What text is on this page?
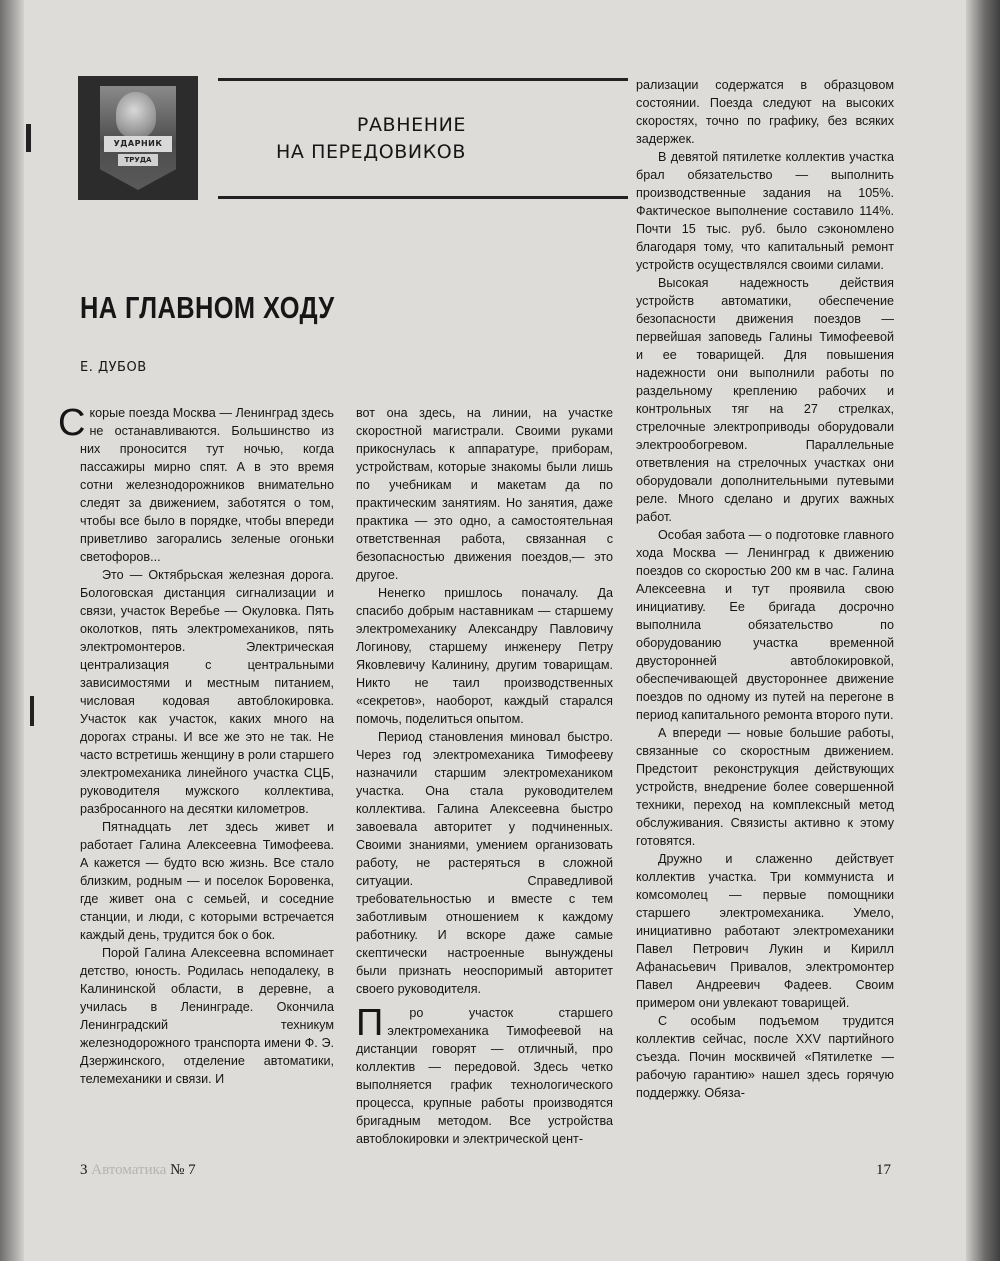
УДАРНИК
ТРУДА
РАВНЕНИЕ
НА ПЕРЕДОВИКОВ
НА ГЛАВНОМ ХОДУ
Е. ДУБОВ

Скорые поезда Москва — Ленинград здесь не останавливаются. Большинство из них проносится тут ночью, когда пассажиры мирно спят. А в это время сотни железнодорожников внимательно следят за движением, заботятся о том, чтобы все было в порядке, чтобы впереди приветливо загорались зеленые огоньки светофоров...

Это — Октябрьская железная дорога. Бологовская дистанция сигнализации и связи, участок Веребье — Окуловка. Пять околотков, пять электромехаников, пять электромонтеров. Электрическая централизация с центральными зависимостями и местным питанием, числовая кодовая автоблокировка. Участок как участок, каких много на дорогах страны. И все же это не так. Не часто встретишь женщину в роли старшего электромеханика линейного участка СЦБ, руководителя мужского коллектива, разбросанного на десятки километров.

Пятнадцать лет здесь живет и работает Галина Алексеевна Тимофеева. А кажется — будто всю жизнь. Все стало близким, родным — и поселок Боровенка, где живет она с семьей, и соседние станции, и люди, с которыми встречается каждый день, трудится бок о бок.

Порой Галина Алексеевна вспоминает детство, юность. Родилась неподалеку, в Калининской области, в деревне, а училась в Ленинграде. Окончила Ленинградский техникум железнодорожного транспорта имени Ф. Э. Дзержинского, отделение автоматики, телемеханики и связи. И

вот она здесь, на линии, на участке скоростной магистрали. Своими руками прикоснулась к аппаратуре, приборам, устройствам, которые знакомы были лишь по учебникам и макетам да по практическим занятиям. Но занятия, даже практика — это одно, а самостоятельная ответственная работа, связанная с безопасностью движения поездов,— это другое.

Ненегко пришлось поначалу. Да спасибо добрым наставникам — старшему электромеханику Александру Павловичу Логинову, старшему инженеру Петру Яковлевичу Калинину, другим товарищам. Никто не таил производственных «секретов», наоборот, каждый старался помочь, поделиться опытом.

Период становления миновал быстро. Через год электромеханика Тимофееву назначили старшим электромехаником участка. Она стала руководителем коллектива. Галина Алексеевна быстро завоевала авторитет у подчиненных. Своими знаниями, умением организовать работу, не растеряться в сложной ситуации. Справедливой требовательностью и вместе с тем заботливым отношением к каждому работнику. И вскоре даже самые скептически настроенные вынуждены были признать неоспоримый авторитет своего руководителя.

П ро участок старшего электромеханика Тимофеевой на дистанции говорят — отличный, про коллектив — передовой. Здесь четко выполняется график технологического процесса, крупные работы производятся бригадным методом. Все устройства автоблокировки и электрической цент-

рализации содержатся в образцовом состоянии. Поезда следуют на высоких скоростях, точно по графику, без всяких задержек.

В девятой пятилетке коллектив участка брал обязательство — выполнить производственные задания на 105%. Фактическое выполнение составило 114%. Почти 15 тыс. руб. было сэкономлено благодаря тому, что капитальный ремонт устройств осуществлялся своими силами.

Высокая надежность действия устройств автоматики, обеспечение безопасности движения поездов — первейшая заповедь Галины Тимофеевой и ее товарищей. Для повышения надежности они выполнили работы по раздельному креплению рабочих и контрольных тяг на 27 стрелках, стрелочные электроприводы оборудовали электрообогревом. Параллельные ответвления на стрелочных участках они оборудовали дополнительными путевыми реле. Много сделано и других важных работ.

Особая забота — о подготовке главного хода Москва — Ленинград к движению поездов со скоростью 200 км в час. Галина Алексеевна и тут проявила свою инициативу. Ее бригада досрочно выполнила обязательство по оборудованию участка временной двусторонней автоблокировкой, обеспечивающей двустороннее движение поездов по одному из путей на перегоне в период капитального ремонта второго пути.

А впереди — новые большие работы, связанные со скоростным движением. Предстоит реконструкция действующих устройств, внедрение более совершенной техники, переход на комплексный метод обслуживания. Связисты активно к этому готовятся.

Дружно и слаженно действует коллектив участка. Три коммуниста и комсомолец — первые помощники старшего электромеханика. Умело, инициативно работают электромеханики Павел Петрович Лукин и Кирилл Афанасьевич Привалов, электромонтер Павел Андреевич Фадеев. Своим примером они увлекают товарищей.

С особым подъемом трудится коллектив сейчас, после XXV партийного съезда. Почин москвичей «Пятилетке — рабочую гарантию» нашел здесь горячую поддержку. Обяза-

3 Автоматика № 7	17
